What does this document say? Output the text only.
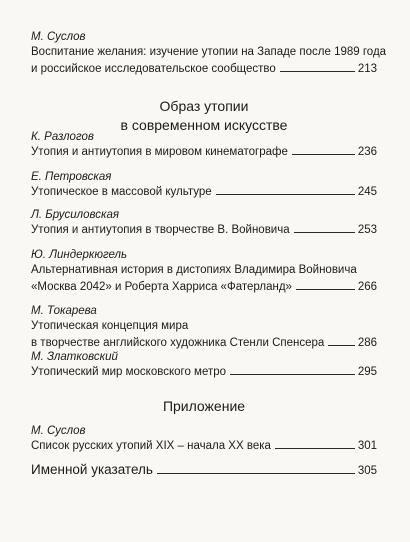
М. Суслов
Воспитание желания: изучение утопии на Западе после 1989 года
и российское исследовательское сообщество	213
Образ утопии
в современном искусстве
К. Разлогов
Утопия и антиутопия в мировом кинематографе	236
Е. Петровская
Утопическое в массовой культуре	245
Л. Брусиловская
Утопия и антиутопия в творчестве В. Войновича	253
Ю. Линдеркюгель
Альтернативная история в дистопиях Владимира Войновича
«Москва 2042» и Роберта Харриса «Фатерланд»	266
М. Токарева
Утопическая концепция мира
в творчестве английского художника Стенли Спенсера	286
М. Златковский
Утопический мир московского метро	295
Приложение
М. Суслов
Список русских утопий XIX – начала XX века	301
Именной указатель	305
